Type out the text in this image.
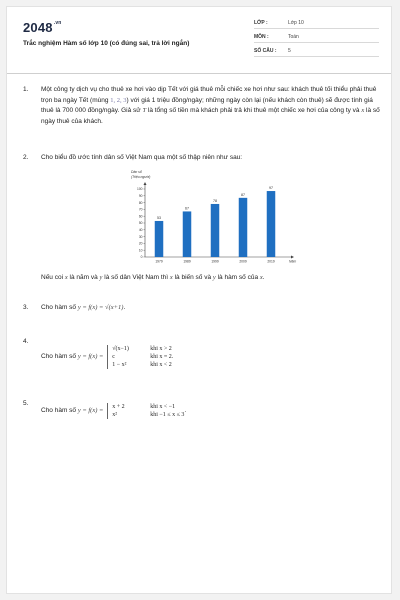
$2048^{.vn}$
Trắc nghiệm Hàm số lớp 10 (có đúng sai, trả lời ngắn)
LỚP :	Lớp 10
MÔN :	Toán
SỐ CÂU :	5
1. Một công ty dịch vụ cho thuê xe hơi vào dịp Tết với giá thuê mỗi chiếc xe hơi như sau: khách thuê tối thiểu phải thuê trọn ba ngày Tết (mùng 1, 2, 3) với giá 1 triệu đồng/ngày; những ngày còn lại (nếu khách còn thuê) sẽ được tính giá thuê là 700 000 đồng/ngày. Giả sử T là tổng số tiền mà khách phải trả khi thuê một chiếc xe hơi của công ty và x là số ngày thuê của khách.
2. Cho biểu đồ ước tính dân số Việt Nam qua một số thập niên như sau:
Dân số
(Triệu người)
0
10
20
30
40
50
60
70
80
90
100
53
1979
67
1989
78
1999
87
2009
97
2019	Năm
Nếu coi x là năm và y là số dân Việt Nam thì x là biến số và y là hàm số của x.
3. Cho hàm số y = f(x) = √(x+1).
4.
Cho hàm số y = f(x) =
√(x−1)	khi x > 2
c	khi x = 2.
1 − x²	khi x < 2
5.
Cho hàm số y = f(x) = x + 2	khi x < −1
x²	khi −1 ≤ x ≤ 3
.
